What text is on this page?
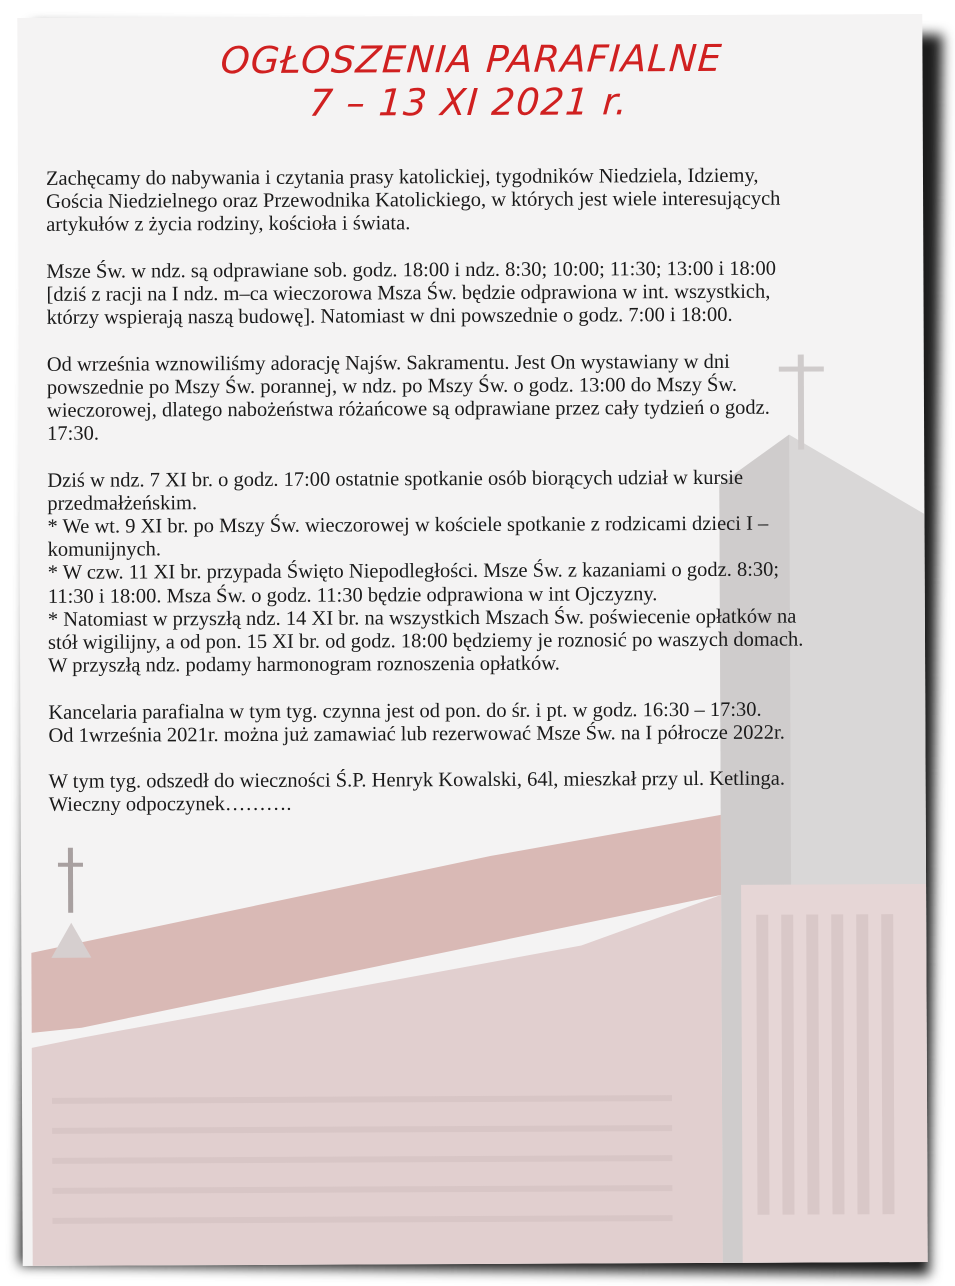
OGŁOSZENIA PARAFIALNE
7 – 13 XI 2021 r.

Zachęcamy do nabywania i czytania prasy katolickiej, tygodników Niedziela, Idziemy,
Gościa Niedzielnego oraz Przewodnika Katolickiego, w których jest wiele interesujących
artykułów z życia rodziny, kościoła i świata.

Msze Św. w ndz. są odprawiane sob. godz. 18:00 i ndz. 8:30; 10:00; 11:30; 13:00 i 18:00
[dziś z racji na I ndz. m–ca wieczorowa Msza Św. będzie odprawiona w int. wszystkich,
którzy wspierają naszą budowę]. Natomiast w dni powszednie o godz. 7:00 i 18:00.

Od września wznowiliśmy adorację Najśw. Sakramentu. Jest On wystawiany w dni
powszednie po Mszy Św. porannej, w ndz. po Mszy Św. o godz. 13:00 do Mszy Św.
wieczorowej, dlatego nabożeństwa różańcowe są odprawiane przez cały tydzień o godz.
17:30.

Dziś w ndz. 7 XI br. o godz. 17:00 ostatnie spotkanie osób biorących udział w kursie
przedmałżeńskim.
* We wt. 9 XI br. po Mszy Św. wieczorowej w kościele spotkanie z rodzicami dzieci I –
komunijnych.
* W czw. 11 XI br. przypada Święto Niepodległości. Msze Św. z kazaniami o godz. 8:30;
11:30 i 18:00. Msza Św. o godz. 11:30 będzie odprawiona w int Ojczyzny.
* Natomiast w przyszłą ndz. 14 XI br. na wszystkich Mszach Św. poświecenie opłatków na
stół wigilijny, a od pon. 15 XI br. od godz. 18:00 będziemy je roznosić po waszych domach.
W przyszłą ndz. podamy harmonogram roznoszenia opłatków.

Kancelaria parafialna w tym tyg. czynna jest od pon. do śr. i pt. w godz. 16:30 – 17:30.
Od 1września 2021r. można już zamawiać lub rezerwować Msze Św. na I półrocze 2022r.

W tym tyg. odszedł do wieczności Ś.P. Henryk Kowalski, 64l, mieszkał przy ul. Ketlinga.
Wieczny odpoczynek……….
